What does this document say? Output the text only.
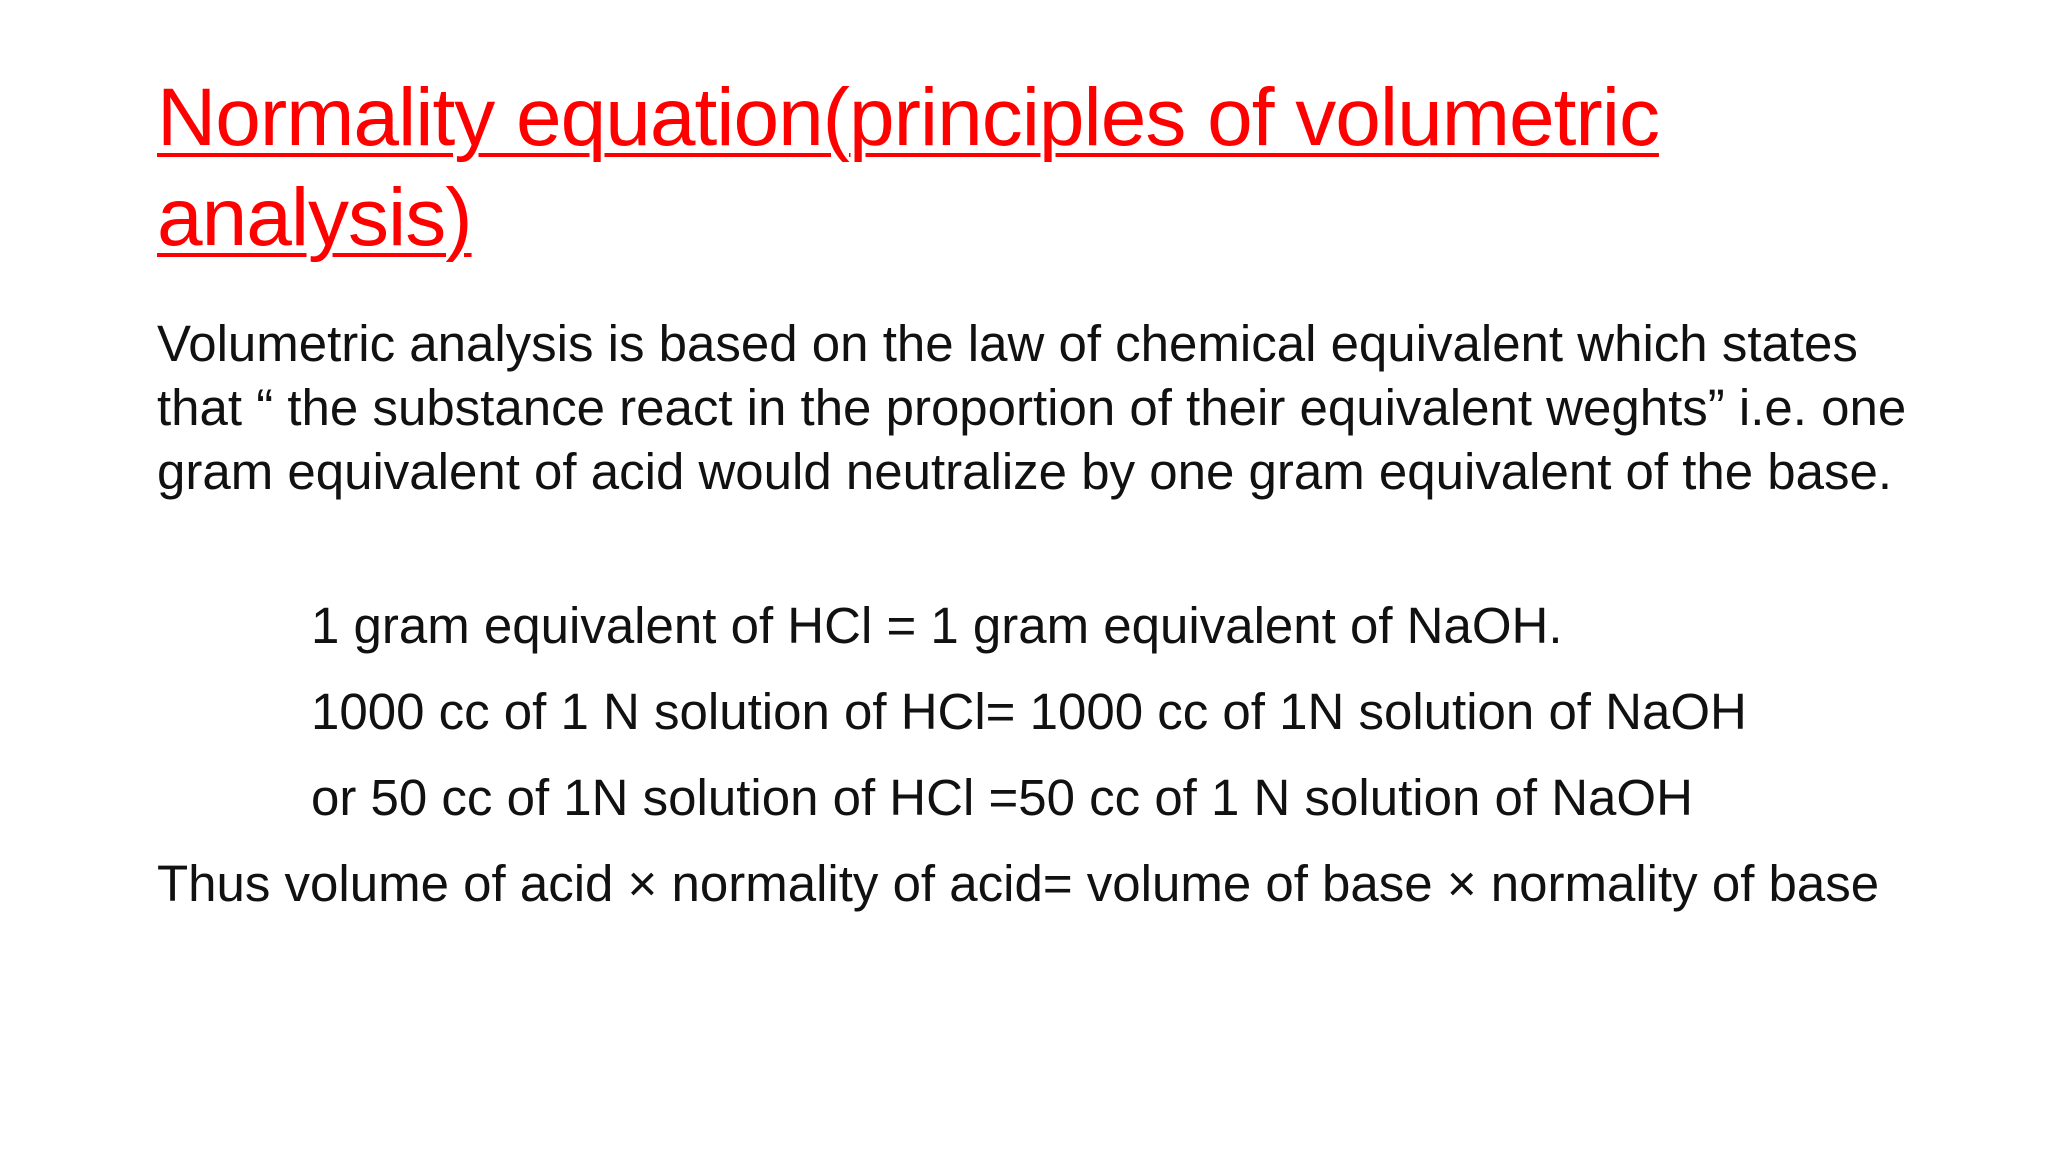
Normality equation(principles of volumetric analysis)

Volumetric analysis is based on the law of chemical equivalent which states that “ the substance react in the proportion of their equivalent weghts” i.e. one gram equivalent of acid would neutralize by one gram equivalent of the base.

1 gram equivalent of HCl = 1 gram equivalent of NaOH.

1000 cc of 1 N solution of HCl= 1000 cc of 1N solution of NaOH

or 50 cc of 1N solution of HCl =50 cc of 1 N solution of NaOH

Thus volume of acid × normality of acid= volume of base × normality of base
